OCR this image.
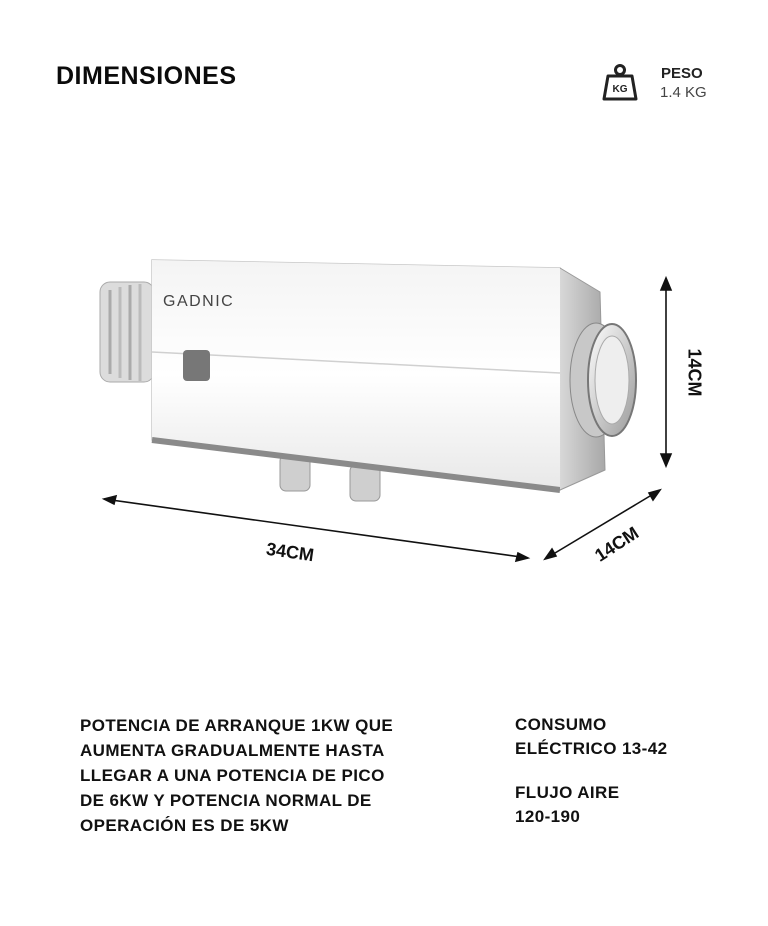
DIMENSIONES	KG
PESO
1.4 KG
GADNIC
34CM	14CM
14CM
POTENCIA DE ARRANQUE 1KW QUE
AUMENTA GRADUALMENTE HASTA
LLEGAR A UNA POTENCIA DE PICO
DE 6KW Y POTENCIA NORMAL DE
OPERACIÓN ES DE 5KW
CONSUMO
ELÉCTRICO 13-42
FLUJO AIRE
120-190
